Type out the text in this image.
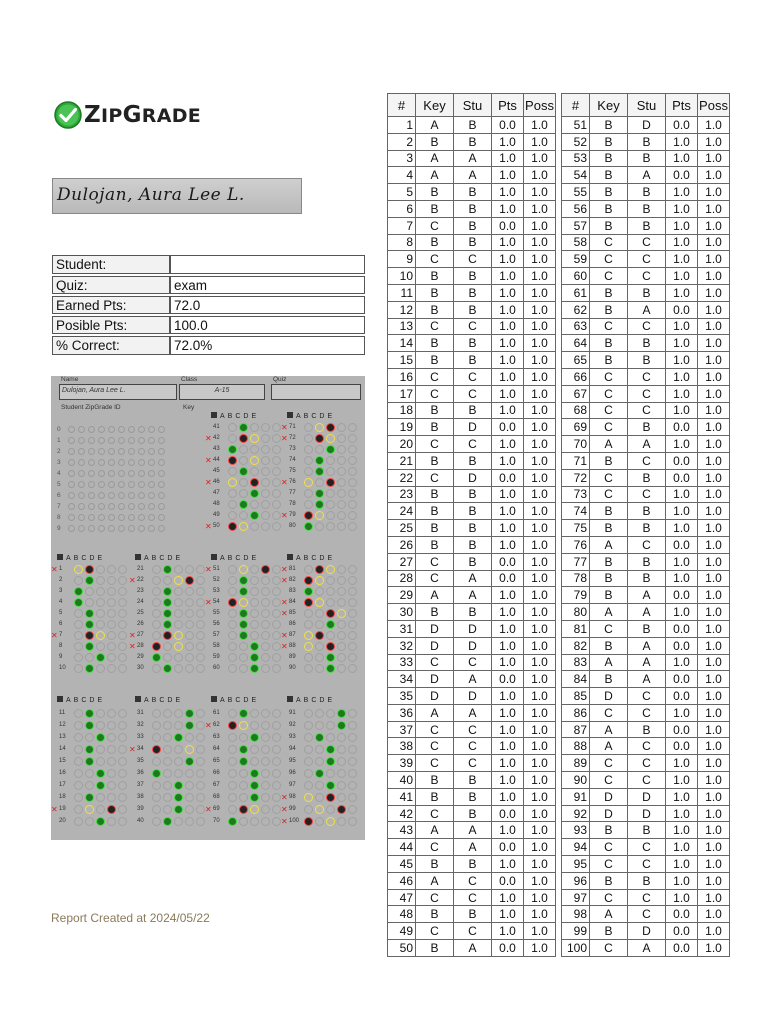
ZIPGRADE
Dulojan, Aura Lee L.
Student:	
Quiz:	exam
Earned Pts:	72.0
Posible Pts:	100.0
% Correct:	72.0%
Name
Dulojan, Aura Lee L.
Class
A-15
Quiz
Student ZipGrade ID	Key
0
1
2
3
4
5
6
7
8
9
41	✕ 71
✕ 42	✕ 72
43	73
✕ 44	74
45	75
✕ 46	✕ 76
47	77
48	78
49	✕ 79
✕ 50	80
ABCDE	ABCDE
ABCDE
✕ 1
2
3
4
5
6
✕ 7
8
9
10
ABCDE
21
✕ 22
23
24
25
26
✕ 27
✕ 28
29
30
ABCDE
✕ 51
52
53
✕ 54
55
56
57
58
59
60
ABCDE
✕ 81
✕ 82
83
✕ 84
✕ 85
86
✕ 87
✕ 88
89
90
ABCDE
11
12
13
14
15
16
17
18
✕ 19
20
ABCDE
31
32
33
✕ 34
35
36
37
38
39
40
ABCDE
61
✕ 62
63
64
65
66
67
68
✕ 69
70
ABCDE
91
92
93
94
95
96
97
✕ 98
✕ 99
✕ 100
Report Created at 2024/05/22
#	Key	Stu	Pts	Poss
1	A	B	0.0	1.0
2	B	B	1.0	1.0
3	A	A	1.0	1.0
4	A	A	1.0	1.0
5	B	B	1.0	1.0
6	B	B	1.0	1.0
7	C	B	0.0	1.0
8	B	B	1.0	1.0
9	C	C	1.0	1.0
10	B	B	1.0	1.0
11	B	B	1.0	1.0
12	B	B	1.0	1.0
13	C	C	1.0	1.0
14	B	B	1.0	1.0
15	B	B	1.0	1.0
16	C	C	1.0	1.0
17	C	C	1.0	1.0
18	B	B	1.0	1.0
19	B	D	0.0	1.0
20	C	C	1.0	1.0
21	B	B	1.0	1.0
22	C	D	0.0	1.0
23	B	B	1.0	1.0
24	B	B	1.0	1.0
25	B	B	1.0	1.0
26	B	B	1.0	1.0
27	C	B	0.0	1.0
28	C	A	0.0	1.0
29	A	A	1.0	1.0
30	B	B	1.0	1.0
31	D	D	1.0	1.0
32	D	D	1.0	1.0
33	C	C	1.0	1.0
34	D	A	0.0	1.0
35	D	D	1.0	1.0
36	A	A	1.0	1.0
37	C	C	1.0	1.0
38	C	C	1.0	1.0
39	C	C	1.0	1.0
40	B	B	1.0	1.0
41	B	B	1.0	1.0
42	C	B	0.0	1.0
43	A	A	1.0	1.0
44	C	A	0.0	1.0
45	B	B	1.0	1.0
46	A	C	0.0	1.0
47	C	C	1.0	1.0
48	B	B	1.0	1.0
49	C	C	1.0	1.0
50	B	A	0.0	1.0
#	Key	Stu	Pts	Poss
51	B	D	0.0	1.0
52	B	B	1.0	1.0
53	B	B	1.0	1.0
54	B	A	0.0	1.0
55	B	B	1.0	1.0
56	B	B	1.0	1.0
57	B	B	1.0	1.0
58	C	C	1.0	1.0
59	C	C	1.0	1.0
60	C	C	1.0	1.0
61	B	B	1.0	1.0
62	B	A	0.0	1.0
63	C	C	1.0	1.0
64	B	B	1.0	1.0
65	B	B	1.0	1.0
66	C	C	1.0	1.0
67	C	C	1.0	1.0
68	C	C	1.0	1.0
69	C	B	0.0	1.0
70	A	A	1.0	1.0
71	B	C	0.0	1.0
72	C	B	0.0	1.0
73	C	C	1.0	1.0
74	B	B	1.0	1.0
75	B	B	1.0	1.0
76	A	C	0.0	1.0
77	B	B	1.0	1.0
78	B	B	1.0	1.0
79	B	A	0.0	1.0
80	A	A	1.0	1.0
81	C	B	0.0	1.0
82	B	A	0.0	1.0
83	A	A	1.0	1.0
84	B	A	0.0	1.0
85	D	C	0.0	1.0
86	C	C	1.0	1.0
87	A	B	0.0	1.0
88	A	C	0.0	1.0
89	C	C	1.0	1.0
90	C	C	1.0	1.0
91	D	D	1.0	1.0
92	D	D	1.0	1.0
93	B	B	1.0	1.0
94	C	C	1.0	1.0
95	C	C	1.0	1.0
96	B	B	1.0	1.0
97	C	C	1.0	1.0
98	A	C	0.0	1.0
99	B	D	0.0	1.0
100	C	A	0.0	1.0
